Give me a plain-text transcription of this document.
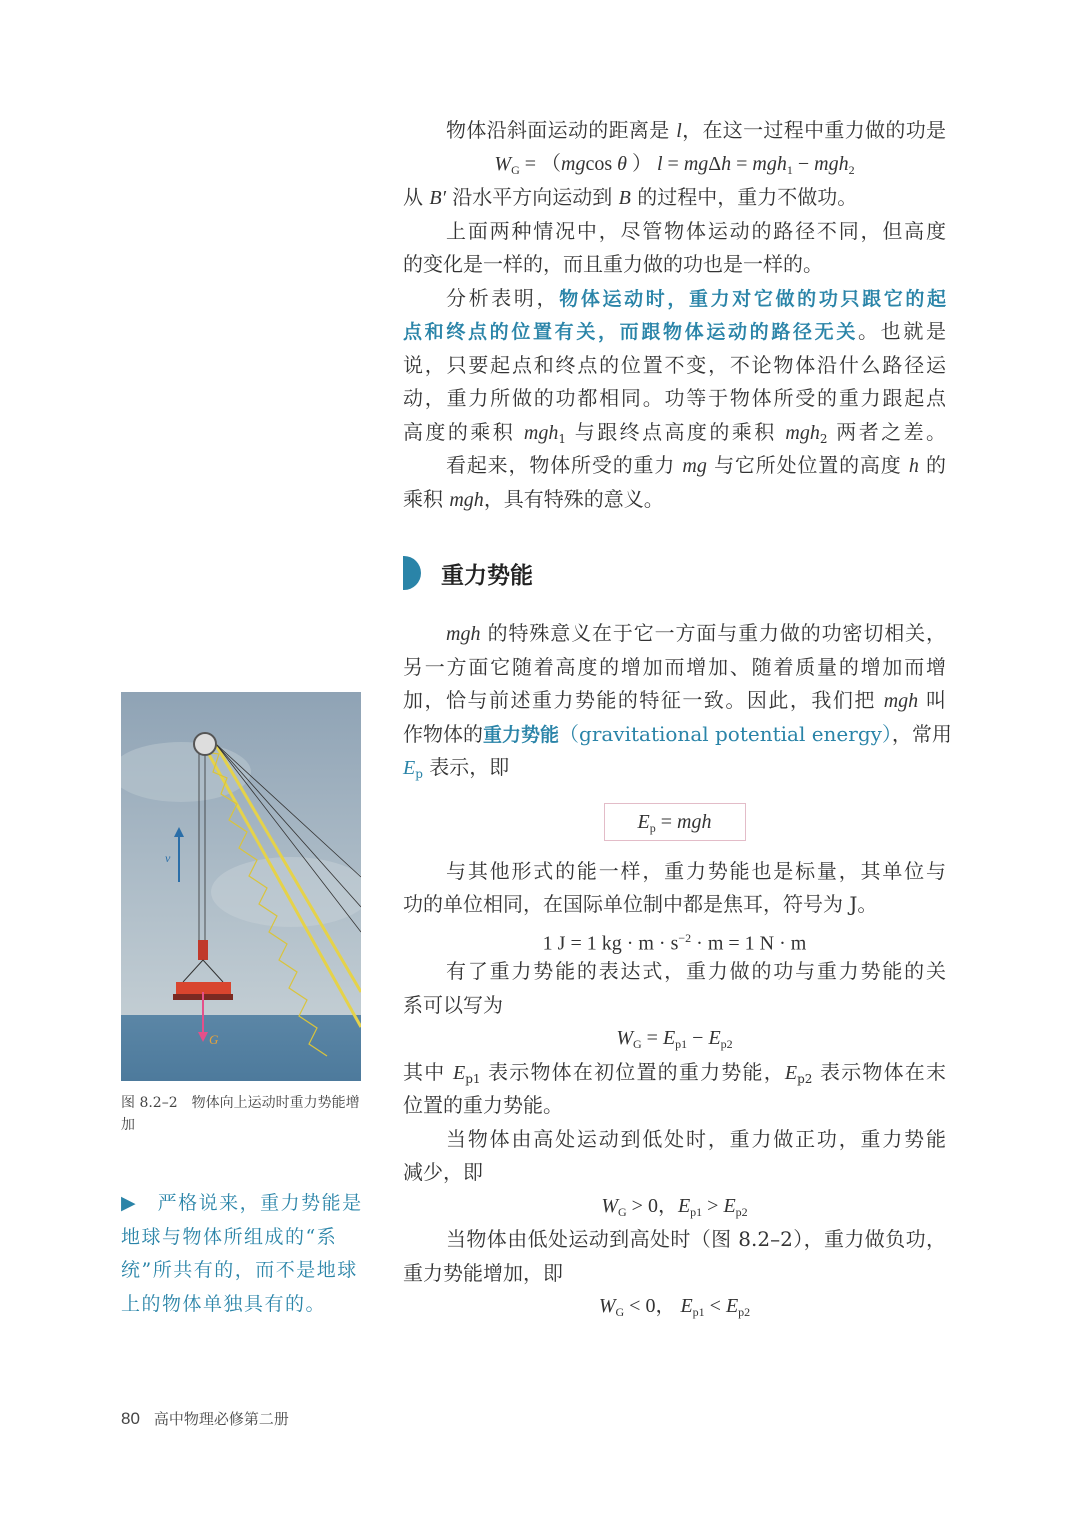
物体沿斜面运动的距离是 l，在这一过程中重力做的功是
$W_G = (mgcos$ θ ） l = mgΔh = mgh$_1$ − mgh$_2$
从 B′ 沿水平方向运动到 B 的过程中，重力不做功。
上面两种情况中，尽管物体运动的路径不同，但高度
的变化是一样的，而且重力做的功也是一样的。
分析表明，物体运动时，重力对它做的功只跟它的起
点和终点的位置有关，而跟物体运动的路径无关。也就是
说，只要起点和终点的位置不变，不论物体沿什么路径运
动，重力所做的功都相同。功等于物体所受的重力跟起点
高度的乘积 mgh$_1$ 与跟终点高度的乘积 mgh$_2$ 两者之差。
看起来，物体所受的重力 mg 与它所处位置的高度 h 的
乘积 mgh，具有特殊的意义。
重力势能
mgh 的特殊意义在于它一方面与重力做的功密切相关，
另一方面它随着高度的增加而增加、随着质量的增加而增
加，恰与前述重力势能的特征一致。因此，我们把 mgh 叫
作物体的重力势能（gravitational potential energy），常用
$E_p$ 表示，即
$E_p$ = mgh
与其他形式的能一样，重力势能也是标量，其单位与
功的单位相同，在国际单位制中都是焦耳，符号为 J。
1 J = 1 kg · $m \cdot s^{-2} \cdot m = 1$ N · m
有了重力势能的表达式，重力做的功与重力势能的关
系可以写为
$W_G = E_{p1} - E_{p2}$
其中 $E_{p1}$ 表示物体在初位置的重力势能，$E_{p2}$ 表示物体在末
位置的重力势能。
当物体由高处运动到低处时，重力做正功，重力势能
减少，即
$W_G > 0$，$E_{p1} > E_{p2}$
当物体由低处运动到高处时（图 8.2–2），重力做负功，
重力势能增加，即
$W_G < 0$， $E_{p1} < E_{p2}$
v
G
图 8.2–2　物体向上运动时重力势能增加
▶　严格说来，重力势能是地球与物体所组成的“系统”所共有的，而不是地球上的物体单独具有的。
80 高中物理必修第二册
